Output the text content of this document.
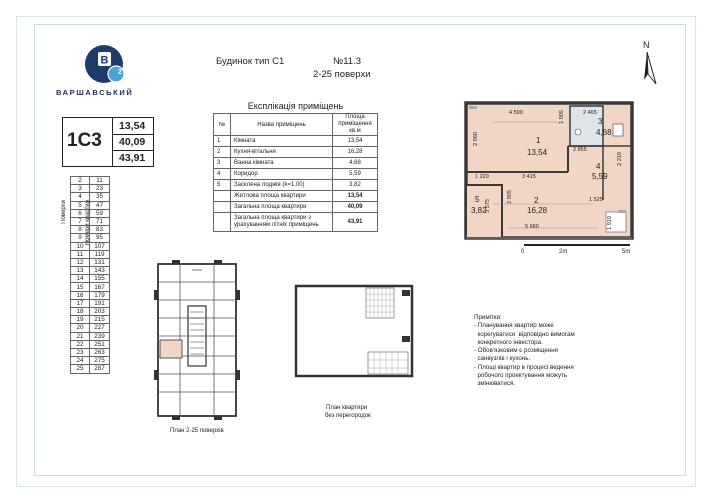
В
2
ВАРШАВСЬКИЙ
Будинок тип С1	№11.3
2-25 поверхи
1С3
13,54
40,09
43,91
Експлікація приміщень		
№	Назва приміщень	Площа приміщення кв.м
1	Кімната	13,54
2	Кухня-вітальня	16,28
3	Ванна кімната	4,68
4	Коридор	5,59
5	Засклена лоджія (k=1,00)	3,82
	Житлова площа квартири	13,54
	Загальна площа квартири	40,09
	Загальна площа квартири з урахуванням літніх приміщень	43,91
Поверхи	Номери квартир
2	11
3	23
4	35
5	47
6	59
7	71
8	83
9	95
10	107
11	119
12	131
13	143
14	155
15	167
16	179
17	191
18	203
19	215
20	227
21	239
22	251
23	263
24	275
25	287
1
13,54
2
16,28
3
4,68
4
5,59
5
3,82
4 590	2 465
1 905
2 960
2 855
2 210
3 415
1 220
3 575
2 905	1 525
5 680	1 910
N
0	2m	5m
План 2-25 поверхів
План квартири
без перегородок
Примітки:
- Планування квартир може
корегуватися  відповідно вимогам
конкретного інвестора.
- Обов'язковим є розміщення
санвузлів і кухонь.
- Площі квартир в процесі ведення
робочого проектування можуть
змінюватися.
